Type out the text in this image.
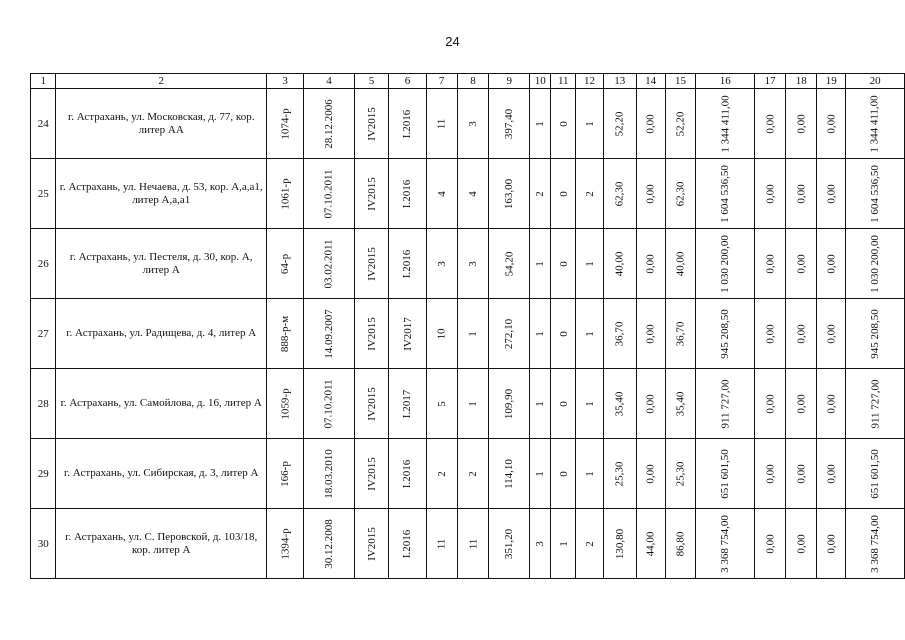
24
1	2	3	4	5	6	7	8	9	10	11	12	13	14	15	16	17	18	19	20
24	г. Астрахань, ул. Московская, д. 77, кор. литер АА	1074-р	28.12.2006	IV2015	I.2016	11	3	397,40	1	0	1	52,20	0,00	52,20	1 344 411,00	0,00	0,00	0,00	1 344 411,00
25	г. Астрахань, ул. Нечаева, д. 53, кор. А,а,а1, литер А,а,а1	1061-р	07.10.2011	IV2015	I.2016	4	4	163,00	2	0	2	62,30	0,00	62,30	1 604 536,50	0,00	0,00	0,00	1 604 536,50
26	г. Астрахань, ул. Пестеля, д. 30, кор. А, литер А	64-р	03.02.2011	IV2015	I.2016	3	3	54,20	1	0	1	40,00	0,00	40,00	1 030 200,00	0,00	0,00	0,00	1 030 200,00
27	г. Астрахань, ул. Радищева, д. 4, литер А	888-р-м	14.09.2007	IV2015	IV2017	10	1	272,10	1	0	1	36,70	0,00	36,70	945 208,50	0,00	0,00	0,00	945 208,50
28	г. Астрахань, ул. Самойлова, д. 16, литер А	1059-р	07.10.2011	IV2015	I.2017	5	1	109,90	1	0	1	35,40	0,00	35,40	911 727,00	0,00	0,00	0,00	911 727,00
29	г. Астрахань, ул. Сибирская, д. 3, литер А	166-р	18.03.2010	IV2015	I.2016	2	2	114,10	1	0	1	25,30	0,00	25,30	651 601,50	0,00	0,00	0,00	651 601,50
30	г. Астрахань, ул. С. Перовской, д. 103/18, кор. литер А	1394-р	30.12.2008	IV2015	I.2016	11	11	351,20	3	1	2	130,80	44,00	86,80	3 368 754,00	0,00	0,00	0,00	3 368 754,00
